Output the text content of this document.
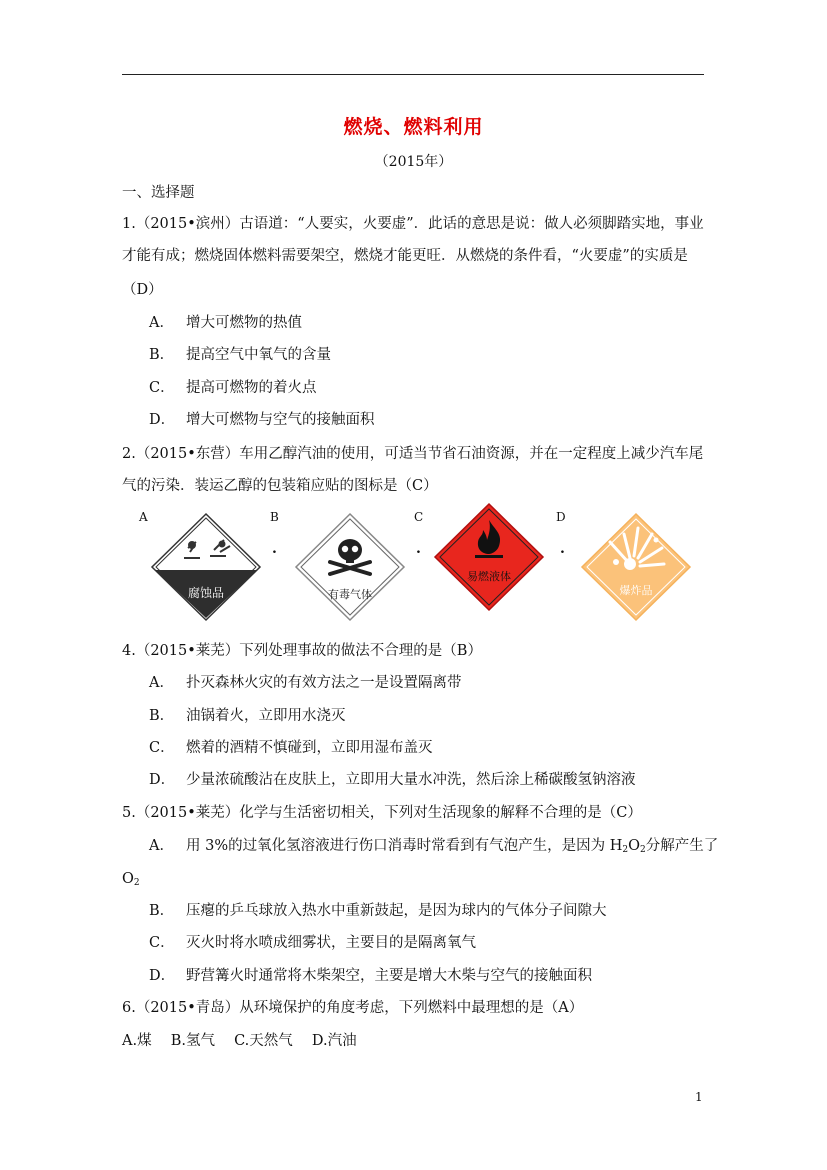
燃烧、燃料利用
（2015年）
一、选择题
1.（2015•滨州）古语道：“人要实，火要虚”．此话的意思是说：做人必须脚踏实地，事业
才能有成；燃烧固体燃料需要架空，燃烧才能更旺．从燃烧的条件看，“火要虚”的实质是
（D）
A． 增大可燃物的热值
B． 提高空气中氧气的含量
C． 提高可燃物的着火点
D． 增大可燃物与空气的接触面积
2.（2015•东营）车用乙醇汽油的使用，可适当节省石油资源，并在一定程度上减少汽车尾
气的污染．装运乙醇的包装箱应贴的图标是（C）
A	B	C	D
.	.	.
腐蚀品	有毒气体
易燃液体
爆炸品
4.（2015•莱芜）下列处理事故的做法不合理的是（B）
A． 扑灭森林火灾的有效方法之一是设置隔离带
B． 油锅着火，立即用水浇灭
C． 燃着的酒精不慎碰到，立即用湿布盖灭
D． 少量浓硫酸沾在皮肤上，立即用大量水冲洗，然后涂上稀碳酸氢钠溶液
5.（2015•莱芜）化学与生活密切相关，下列对生活现象的解释不合理的是（C）
A． 用 3%的过氧化氢溶液进行伤口消毒时常看到有气泡产生，是因为 $H_2O_2$分解产生了
$O_2$
B． 压瘪的乒乓球放入热水中重新鼓起，是因为球内的气体分子间隙大
C． 灭火时将水喷成细雾状，主要目的是隔离氧气
D． 野营篝火时通常将木柴架空，主要是增大木柴与空气的接触面积
6.（2015•青岛）从环境保护的角度考虑，下列燃料中最理想的是（A）
A.煤　 B.氢气　 C.天然气　 D.汽油
1
